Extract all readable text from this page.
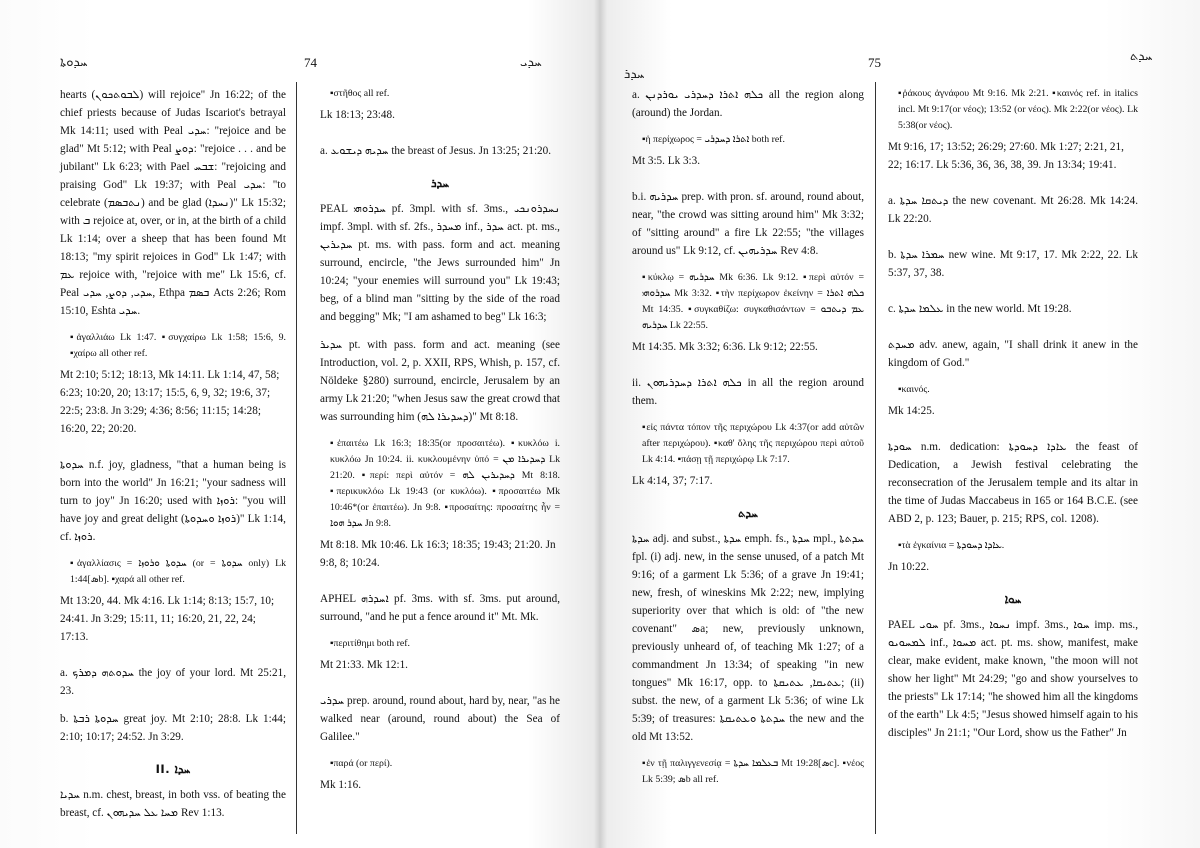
ܚܕܘܬܐ	74	ܚܕܝ

hearts (ܠܒܘܬܟܘܢ) will rejoice" Jn 16:22; of the chief priests because of Judas Iscariot's betrayal Mk 14:11; used with Peal ܚܕܝ: "rejoice and be glad" Mt 5:12; with Peal ܕܘܨ: "rejoice . . . and be jubilant" Lk 6:23; with Pael ܫܒܚ: "rejoicing and praising God" Lk 19:37; with Peal ܚܕܝ: "to celebrate (ܢܬܒܣܡ) and be glad (ܢܚܕܐ)" Lk 15:32; with ܒ rejoice at, over, or in, at the birth of a child Lk 1:14; over a sheep that has been found Mt 18:13; "my spirit rejoices in God" Lk 1:47; with ܥܡ rejoice with, "rejoice with me" Lk 15:6, cf. Peal ܚܕܝ, ܕܘܨ, ܚܕܝ, Ethpa ܒܣܡ Acts 2:26; Rom 15:10, Eshta ܚܕܝ.

▪ἀγαλλιάω Lk 1:47. ▪συγχαίρω Lk 1:58; 15:6, 9. ▪χαίρω all other ref.

Mt 2:10; 5:12; 18:13, Mk 14:11. Lk 1:14, 47, 58; 6:23; 10:20, 20; 13:17; 15:5, 6, 9, 32; 19:6, 37; 22:5; 23:8. Jn 3:29; 4:36; 8:56; 11:15; 14:28; 16:20, 22; 20:20.

ܚܕܘܬܐ n.f. joy, gladness, "that a human being is born into the world" Jn 16:21; "your sadness will turn to joy" Jn 16:20; used with ܪܘܙܐ: "you will have joy and great delight (ܪܘܙܐ ܘܚܕܘܬܐ)" Lk 1:14, cf. ܪܘܙܐ.

▪ἀγαλλίασις = ܚܕܘܬܐ ܘܪܘܙܐ (or = ܚܕܘܬܐ only) Lk 1:44[ܣb]. ▪χαρά all other ref.

Mt 13:20, 44. Mk 4:16. Lk 1:14; 8:13; 15:7, 10; 24:41. Jn 3:29; 15:11, 11; 16:20, 21, 22, 24; 17:13.

a. ܚܕܘܬܗ ܕܡܪܟ the joy of your lord. Mt 25:21, 23.

b. ܚܕܘܬܐ ܪܒܬܐ great joy. Mt 2:10; 28:8. Lk 1:44; 2:10; 10:17; 24:52. Jn 3:29.

II. ܚܕܐ

ܚܕܝܐ n.m. chest, breast, in both vss. of beating the breast, cf. ܡܚܐ ܥܠ ܚܕܝܗܘܢ Rev 1:13.

▪στῆθος all ref.

Lk 18:13; 23:48.

a. ܚܕܝܗ ܕܝܫܘܥ the breast of Jesus. Jn 13:25; 21:20.

ܚܕܪ

PEAL ܚܕܪܘܗܝ pf. 3mpl. with sf. 3ms., ܢܚܕܪܘܢܟܝ impf. 3mpl. with sf. 2fs., ܡܚܕܪ inf., ܚܕܪ act. pt. ms., ܚܕܝܪܝܢ pt. ms. with pass. form and act. meaning surround, encircle, "the Jews surrounded him" Jn 10:24; "your enemies will surround you" Lk 19:43; beg, of a blind man "sitting by the side of the road and begging" Mk; "I am ashamed to beg" Lk 16:3;

ܚܕܝܪ pt. with pass. form and act. meaning (see Introduction, vol. 2, p. XXII, RPS, Whish, p. 157, cf. Nöldeke §280) surround, encircle, Jerusalem by an army Lk 21:20; "when Jesus saw the great crowd that was surrounding him (ܕܚܕܝܪܐ ܠܗ)" Mt 8:18.

▪ἐπαιτέω Lk 16:3; 18:35(or προσαιτέω). ▪κυκλόω i. κυκλόω Jn 10:24. ii. κυκλουμένην ὑπό = ܕܚܕܝܪܐ ܡܢ Lk 21:20. ▪περί: περὶ αὐτόν = ܕܚܕܝܪܝܢ ܠܗ Mt 8:18. ▪περικυκλόω Lk 19:43 (or κυκλόω). ▪προσαιτέω Mk 10:46*(or ἐπαιτέω). Jn 9:8. ▪προσαίτης: προσαίτης ἦν = ܚܕܪ ܗܘܐ Jn 9:8.

Mt 8:18. Mk 10:46. Lk 16:3; 18:35; 19:43; 21:20. Jn 9:8, 8; 10:24.

APHEL ܐܚܕܪܗ pf. 3ms. with sf. 3ms. put around, surround, "and he put a fence around it" Mt. Mk.

▪περιτίθημι both ref.

Mt 21:33. Mk 12:1.

ܚܕܪܝ prep. around, round about, hard by, near, "as he walked near (around, round about) the Sea of Galilee."

▪παρά (or περί).

Mk 1:16.

ܚܕܪ
75	ܚܕܬ

a. ܟܠܗ ܐܬܪܐ ܕܚܕܪܝ ܝܘܪܕܢܢ all the region along (around) the Jordan.

▪ἡ περίχωρος = ܐܬܪܐ ܕܚܕܪܝ both ref.

Mt 3:5. Lk 3:3.

b.i. ܚܕܪܝܗ prep. with pron. sf. around, round about, near, "the crowd was sitting around him" Mk 3:32; of "sitting around" a fire Lk 22:55; "the villages around us" Lk 9:12, cf. ܚܕܪܝܗܝܢ Rev 4:8.

▪κύκλῳ = ܚܕܪܝܗ Mk 6:36. Lk 9:12. ▪περὶ αὐτόν = ܚܕܪܘܗܝ Mk 3:32. ▪τὴν περίχωρον ἐκείνην = ܟܠܗ ܐܬܪܐ Mt 14:35. ▪συγκαθίζω: συγκαθισάντων = ܥܡ ܕܝܬܒܘ ܚܕܪܝܗ Lk 22:55.

Mt 14:35. Mk 3:32; 6:36. Lk 9:12; 22:55.

ii. ܟܠܗ ܐܬܪܐ ܕܚܕܪܝܗܘܢ in all the region around them.

▪εἰς πάντα τόπον τῆς περιχώρου Lk 4:37(or add αὐτῶν after περιχώρου). ▪καθ' ὅλης τῆς περιχώρου περὶ αὐτοῦ Lk 4:14. ▪πάσῃ τῇ περιχώρῳ Lk 7:17.

Lk 4:14, 37; 7:17.

ܚܕܬ

ܚܕܬܐ adj. and subst., ܚܕܬܐ emph. fs., ܚܕܬܐ mpl., ܚܕܬܬܐ fpl. (i) adj. new, in the sense unused, of a patch Mt 9:16; of a garment Lk 5:36; of a grave Jn 19:41; new, fresh, of wineskins Mk 2:22; new, implying superiority over that which is old: of "the new covenant" ܣa; new, previously unknown, previously unheard of, of teaching Mk 1:27; of a commandment Jn 13:34; of speaking "in new tongues" Mk 16:17, opp. to ܥܬܝܩܐ, ܥܬܝܩܬܐ; (ii) subst. the new, of a garment Lk 5:36; of wine Lk 5:39; of treasures: ܚܕܬܬܐ ܘܥܬܝܩܬܐ the new and the old Mt 13:52.

▪ἐν τῇ παλιγγενεσίᾳ = ܒܥܠܡܐ ܚܕܬܐ Mt 19:28[ܣc]. ▪νέος Lk 5:39; ܣb all ref.

▪ῥάκους ἀγνάφου Mt 9:16. Mk 2:21. ▪καινός ref. in italics incl. Mt 9:17(or νέος); 13:52 (or νέος). Mk 2:22(or νέος). Lk 5:38(or νέος).

Mt 9:16, 17; 13:52; 26:29; 27:60. Mk 1:27; 2:21, 21, 22; 16:17. Lk 5:36, 36, 36, 38, 39. Jn 13:34; 19:41.

a. ܕܝܬܩܐ ܚܕܬܐ the new covenant. Mt 26:28. Mk 14:24. Lk 22:20.

b. ܚܡܪܐ ܚܕܬܐ new wine. Mt 9:17, 17. Mk 2:22, 22. Lk 5:37, 37, 38.

c. ܥܠܡܐ ܚܕܬܐ in the new world. Mt 19:28.

ܡܚܕܬ adv. anew, again, "I shall drink it anew in the kingdom of God."

▪καινός.

Mk 14:25.

ܚܘܕܬܐ n.m. dedication: ܥܐܕܐ ܕܚܘܕܬܐ the feast of Dedication, a Jewish festival celebrating the reconsecration of the Jerusalem temple and its altar in the time of Judas Maccabeus in 165 or 164 B.C.E. (see ABD 2, p. 123; Bauer, p. 215; RPS, col. 1208).

▪τὰ ἐγκαίνια = ܥܐܕܐ ܕܚܘܕܬܐ.

Jn 10:22.

ܚܘܐ

PAEL ܚܘܝ pf. 3ms., ܢܚܘܐ impf. 3ms., ܚܘܐ imp. ms., ܠܡܚܘܝܘ inf., ܡܚܘܐ act. pt. ms. show, manifest, make clear, make evident, make known, "the moon will not show her light" Mt 24:29; "go and show yourselves to the priests" Lk 17:14; "he showed him all the kingdoms of the earth" Lk 4:5; "Jesus showed himself again to his disciples" Jn 21:1; "Our Lord, show us the Father" Jn
